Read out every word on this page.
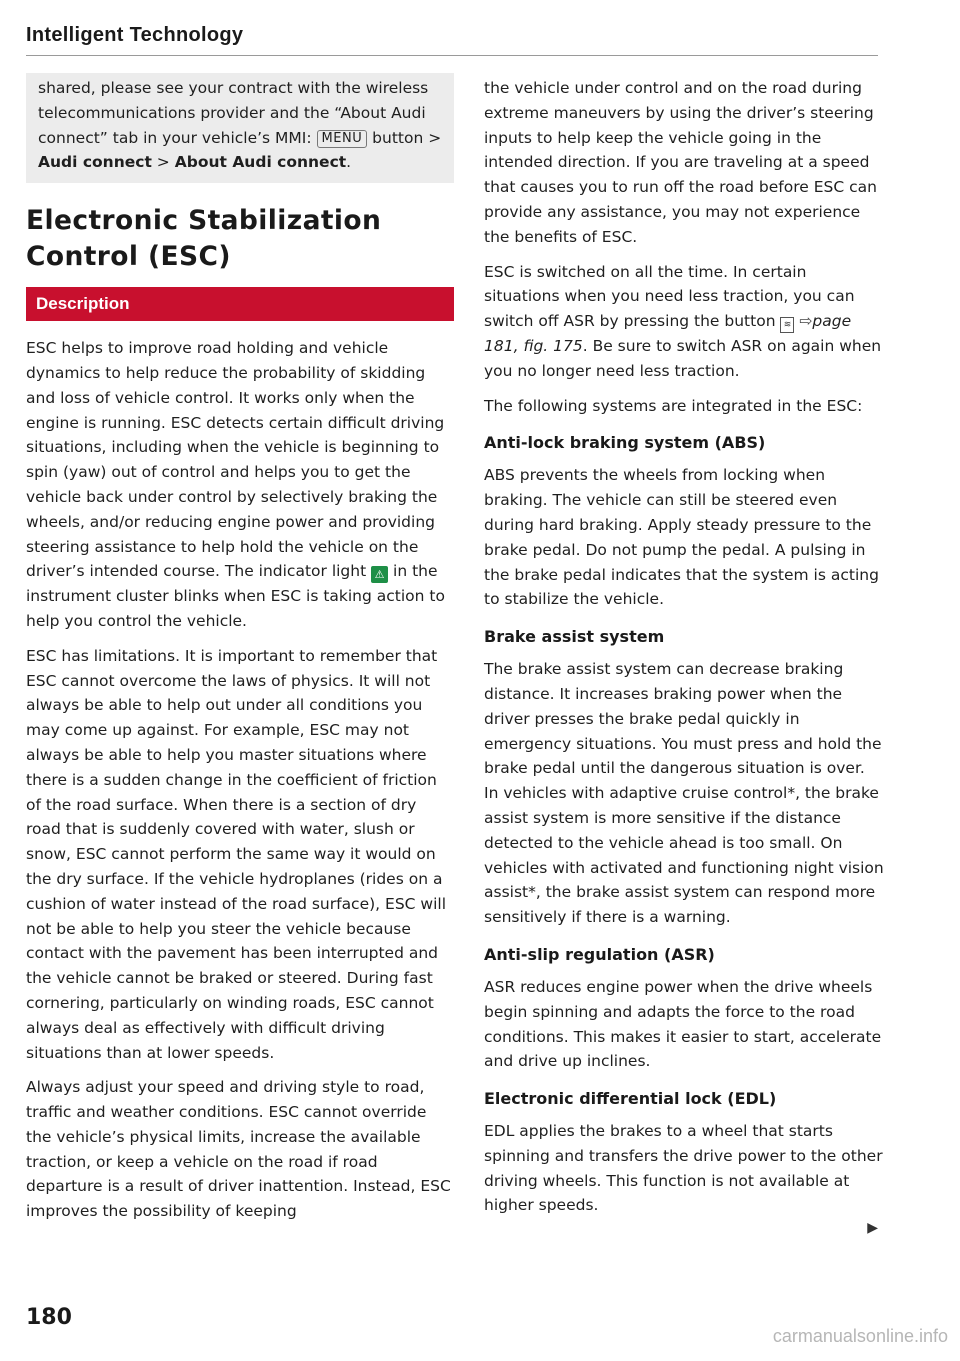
Intelligent Technology

shared, please see your contract with the wireless telecommunications provider and the “About Audi connect” tab in your vehicle’s MMI: MENU button > Audi connect > About Audi connect.

Electronic Stabilization Control (ESC)
Description

ESC helps to improve road holding and vehicle dynamics to help reduce the probability of skidding and loss of vehicle control. It works only when the engine is running. ESC detects certain difficult driving situations, including when the vehicle is beginning to spin (yaw) out of control and helps you to get the vehicle back under control by selectively braking the wheels, and/or reducing engine power and providing steering assistance to help hold the vehicle on the driver’s intended course. The indicator light ⚠ in the instrument cluster blinks when ESC is taking action to help you control the vehicle.

ESC has limitations. It is important to remember that ESC cannot overcome the laws of physics. It will not always be able to help out under all conditions you may come up against. For example, ESC may not always be able to help you master situations where there is a sudden change in the coefficient of friction of the road surface. When there is a section of dry road that is suddenly covered with water, slush or snow, ESC cannot perform the same way it would on the dry surface. If the vehicle hydroplanes (rides on a cushion of water instead of the road surface), ESC will not be able to help you steer the vehicle because contact with the pavement has been interrupted and the vehicle cannot be braked or steered. During fast cornering, particularly on winding roads, ESC cannot always deal as effectively with difficult driving situations than at lower speeds.

Always adjust your speed and driving style to road, traffic and weather conditions. ESC cannot override the vehicle’s physical limits, increase the available traction, or keep a vehicle on the road if road departure is a result of driver inattention. Instead, ESC improves the possibility of keeping

the vehicle under control and on the road during extreme maneuvers by using the driver’s steering inputs to help keep the vehicle going in the intended direction. If you are traveling at a speed that causes you to run off the road before ESC can provide any assistance, you may not experience the benefits of ESC.

ESC is switched on all the time. In certain situations when you need less traction, you can switch off ASR by pressing the button ≋ ⇨page 181, fig. 175. Be sure to switch ASR on again when you no longer need less traction.

The following systems are integrated in the ESC:

Anti-lock braking system (ABS)

ABS prevents the wheels from locking when braking. The vehicle can still be steered even during hard braking. Apply steady pressure to the brake pedal. Do not pump the pedal. A pulsing in the brake pedal indicates that the system is acting to stabilize the vehicle.

Brake assist system

The brake assist system can decrease braking distance. It increases braking power when the driver presses the brake pedal quickly in emergency situations. You must press and hold the brake pedal until the dangerous situation is over. In vehicles with adaptive cruise control*, the brake assist system is more sensitive if the distance detected to the vehicle ahead is too small. On vehicles with activated and functioning night vision assist*, the brake assist system can respond more sensitively if there is a warning.

Anti-slip regulation (ASR)

ASR reduces engine power when the drive wheels begin spinning and adapts the force to the road conditions. This makes it easier to start, accelerate and drive up inclines.

Electronic differential lock (EDL)

EDL applies the brakes to a wheel that starts spinning and transfers the drive power to the other driving wheels. This function is not available at higher speeds.

▶
180
carmanualsonline.info
